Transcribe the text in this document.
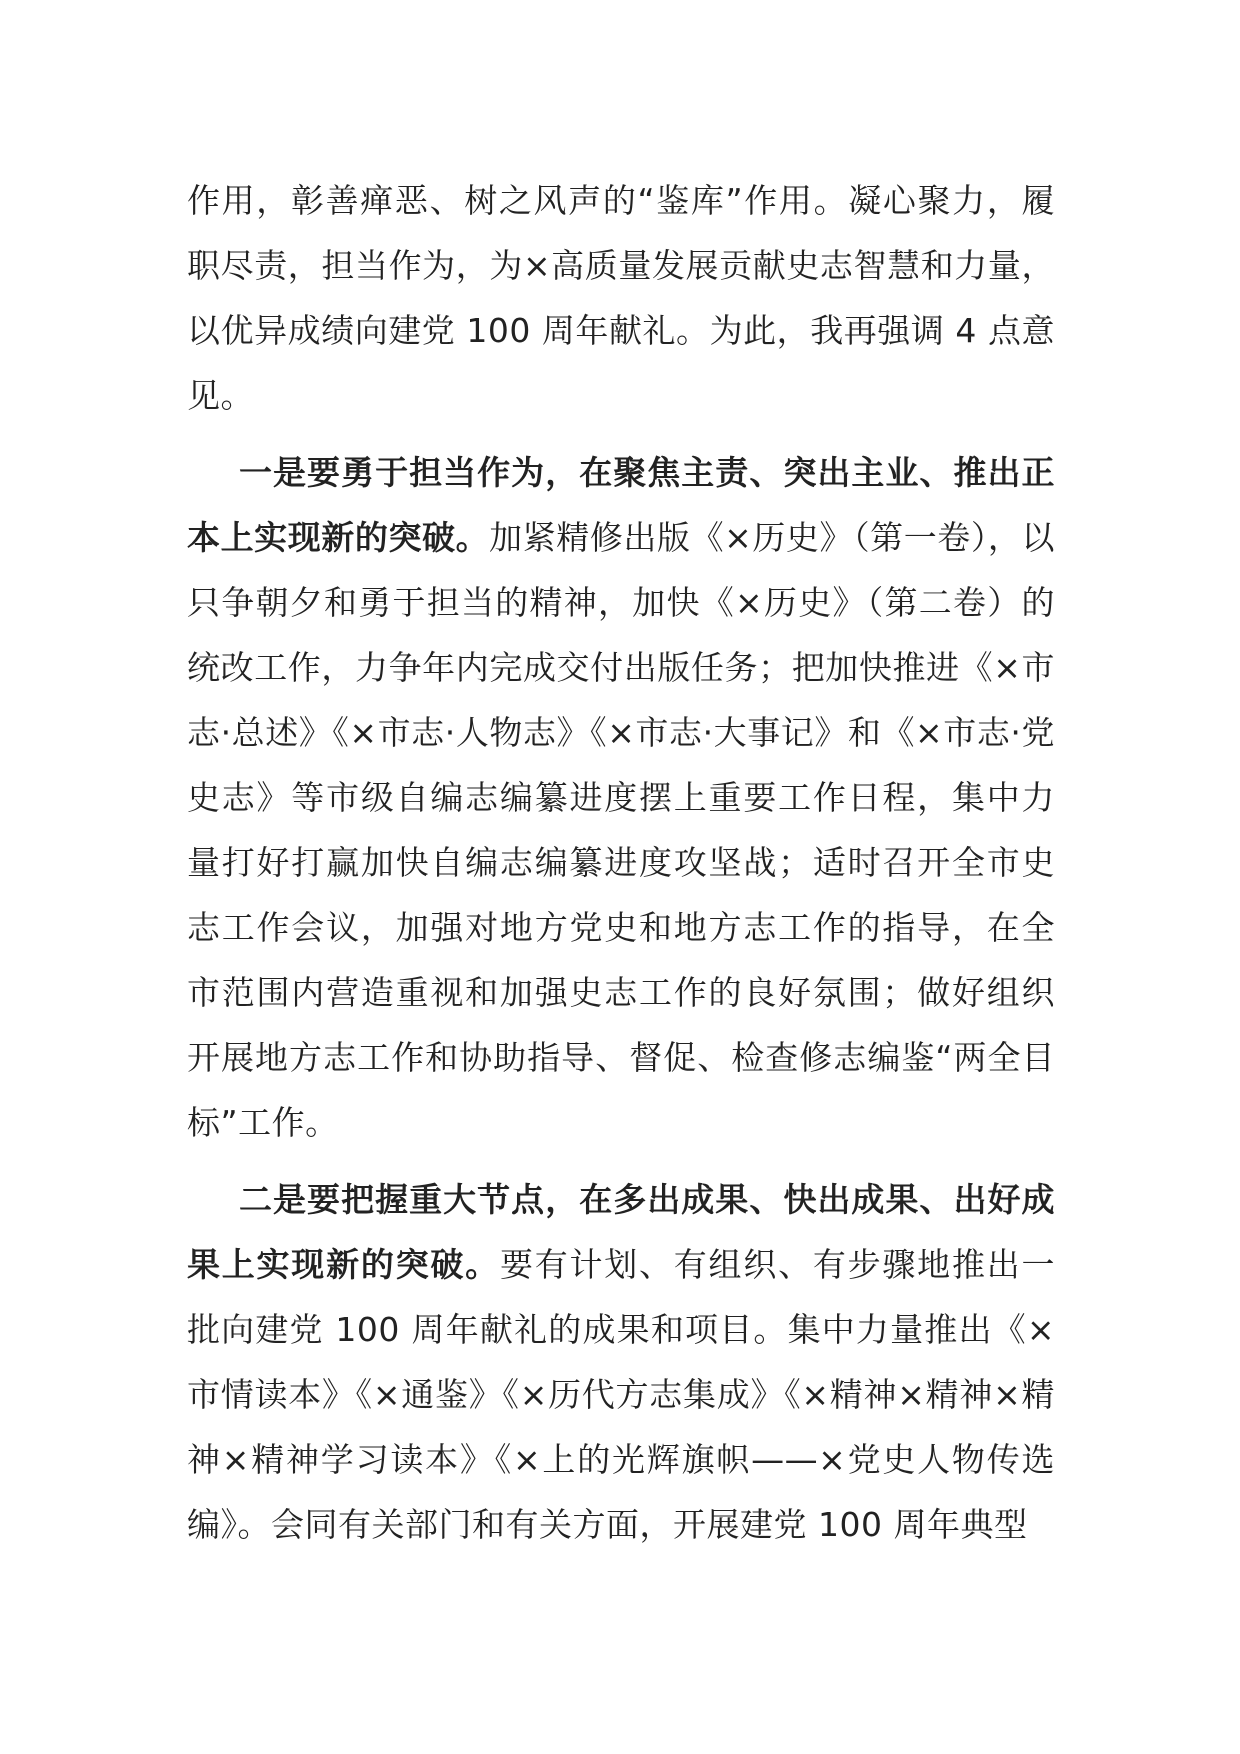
作用，彰善瘅恶、树之风声的“鉴库”作用。凝心聚力，履职尽责，担当作为，为×高质量发展贡献史志智慧和力量，以优异成绩向建党 100 周年献礼。为此，我再强调 4 点意见。

一是要勇于担当作为，在聚焦主责、突出主业、推出正本上实现新的突破。加紧精修出版《×历史》（第一卷），以只争朝夕和勇于担当的精神，加快《×历史》（第二卷）的统改工作，力争年内完成交付出版任务；把加快推进《×市志·总述》《×市志·人物志》《×市志·大事记》和《×市志·党史志》等市级自编志编纂进度摆上重要工作日程，集中力量打好打赢加快自编志编纂进度攻坚战；适时召开全市史志工作会议，加强对地方党史和地方志工作的指导，在全市范围内营造重视和加强史志工作的良好氛围；做好组织开展地方志工作和协助指导、督促、检查修志编鉴“两全目标”工作。

二是要把握重大节点，在多出成果、快出成果、出好成果上实现新的突破。要有计划、有组织、有步骤地推出一批向建党 100 周年献礼的成果和项目。集中力量推出《×市情读本》《×通鉴》《×历代方志集成》《×精神×精神×精神×精神学习读本》《×上的光辉旗帜——×党史人物传选编》。会同有关部门和有关方面，开展建党 100 周年典型
